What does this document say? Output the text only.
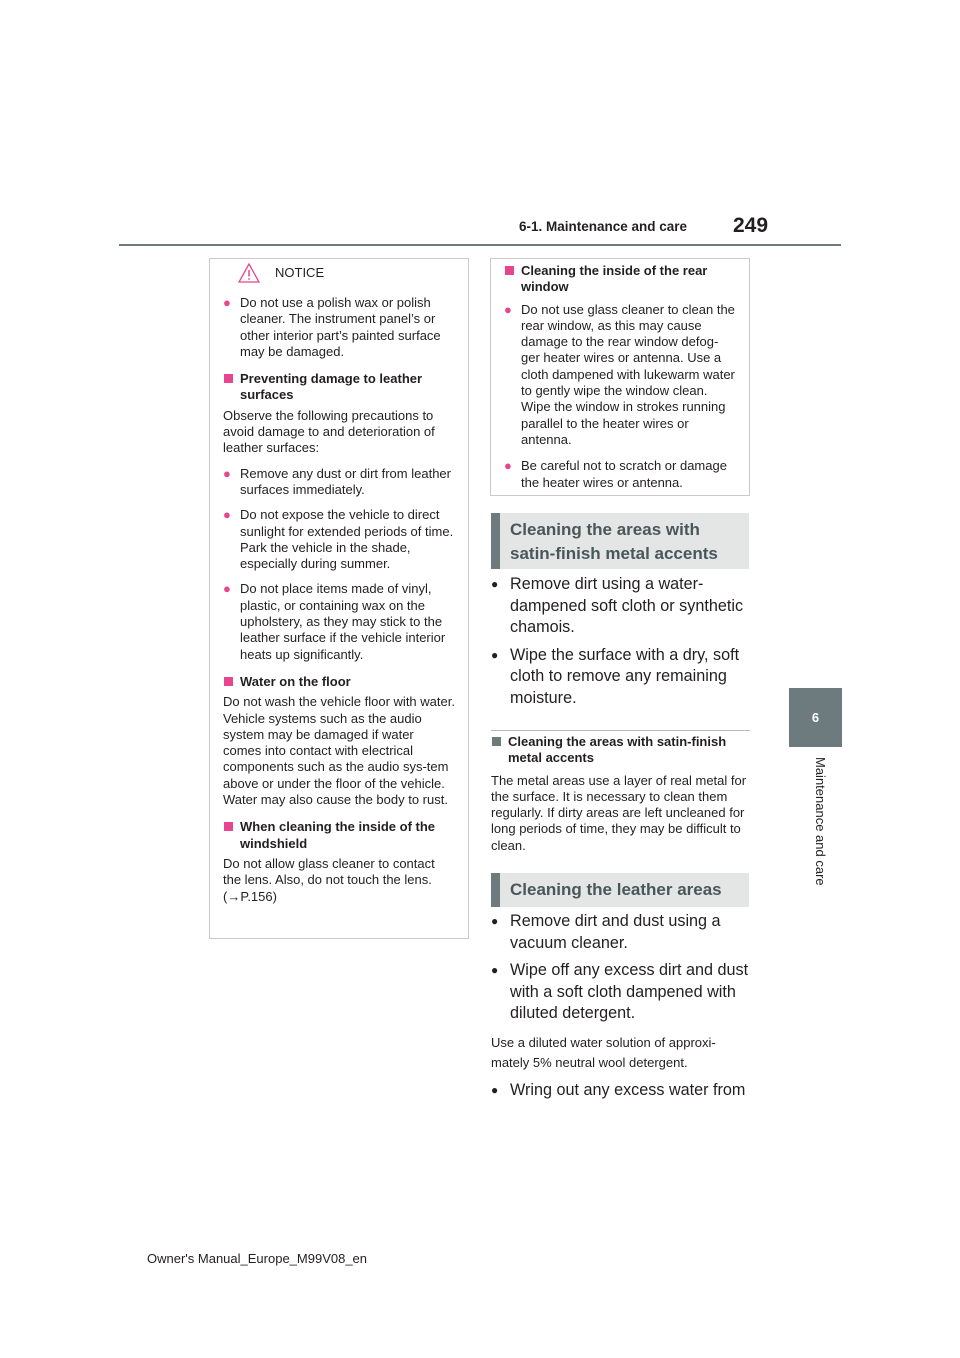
6-1. Maintenance and care 249
6
Maintenance and care
NOTICE
● Do not use a polish wax or polish cleaner. The instrument panel’s or other interior part’s painted surface may be damaged.
Preventing damage to leather surfaces
Observe the following precautions to avoid damage to and deterioration of leather surfaces:
● Remove any dust or dirt from leather surfaces immediately.
● Do not expose the vehicle to direct sunlight for extended periods of time. Park the vehicle in the shade, especially during summer.
● Do not place items made of vinyl, plastic, or containing wax on the upholstery, as they may stick to the leather surface if the vehicle interior heats up significantly.
Water on the floor
Do not wash the vehicle floor with water.
Vehicle systems such as the audio system may be damaged if water comes into contact with electrical components such as the audio sys-tem above or under the floor of the vehicle. Water may also cause the body to rust.
When cleaning the inside of the windshield
Do not allow glass cleaner to contact the lens. Also, do not touch the lens. (→P.156)
Cleaning the inside of the rear window
● Do not use glass cleaner to clean the rear window, as this may cause damage to the rear window defog-ger heater wires or antenna. Use a cloth dampened with lukewarm water to gently wipe the window clean. Wipe the window in strokes running parallel to the heater wires or antenna.
● Be careful not to scratch or damage the heater wires or antenna.
Cleaning the areas with satin-finish metal accents
● Remove dirt using a water-dampened soft cloth or synthetic chamois.
● Wipe the surface with a dry, soft cloth to remove any remaining moisture.
Cleaning the areas with satin-finish metal accents
The metal areas use a layer of real metal for the surface. It is necessary to clean them regularly. If dirty areas are left uncleaned for long periods of time, they may be difficult to clean.
Cleaning the leather areas
● Remove dirt and dust using a vacuum cleaner.
● Wipe off any excess dirt and dust with a soft cloth dampened with diluted detergent.
Use a diluted water solution of approxi-mately 5% neutral wool detergent.
● Wring out any excess water from
Owner's Manual_Europe_M99V08_en
